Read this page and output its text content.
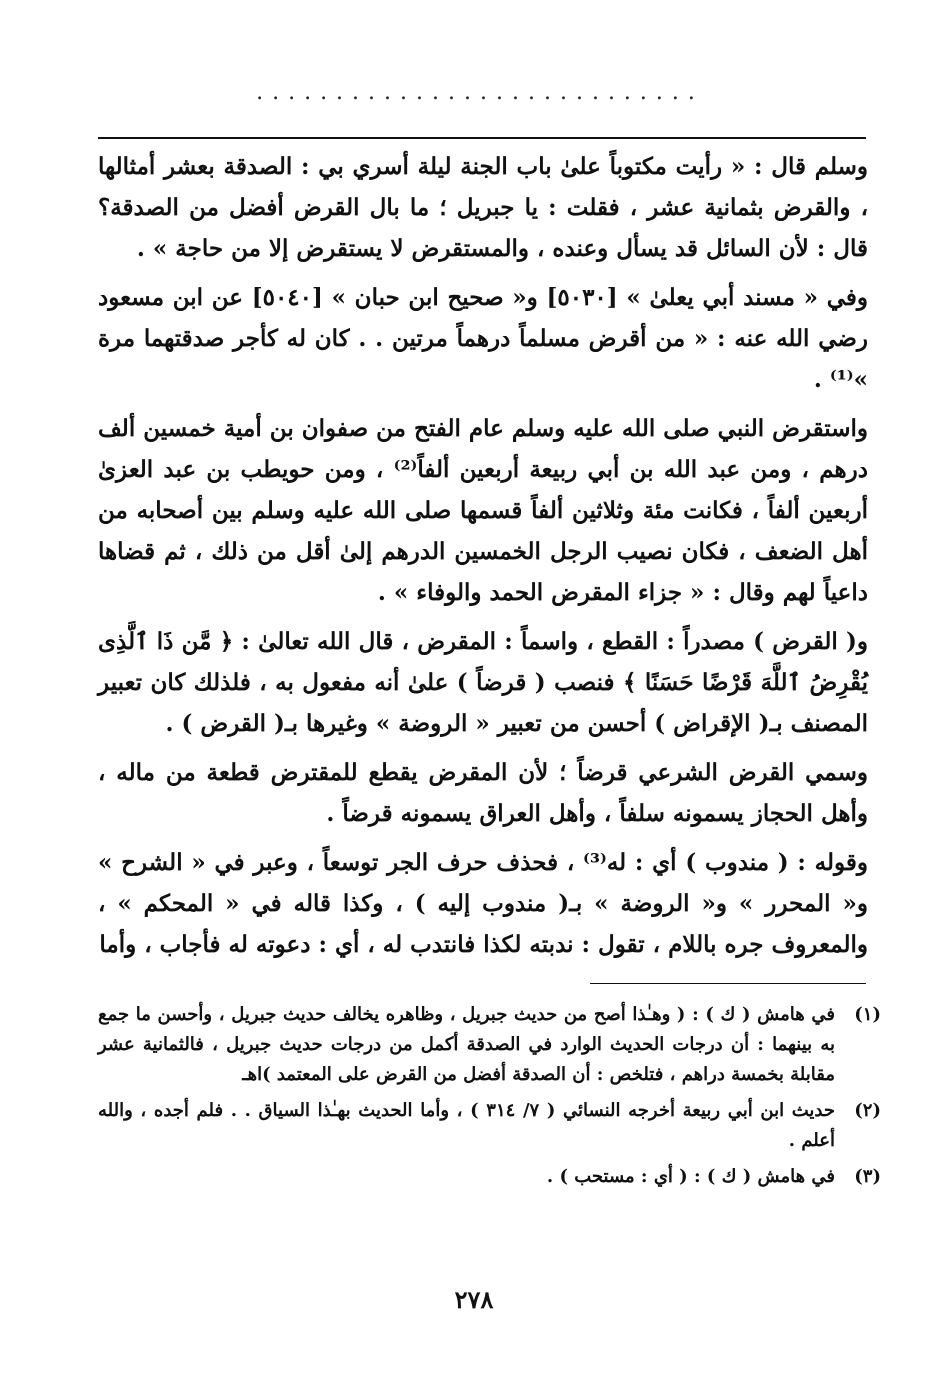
............................

وسلم قال : « رأيت مكتوباً علىٰ باب الجنة ليلة أسري بي : الصدقة بعشر أمثالها ، والقرض بثمانية عشر ، فقلت : يا جبريل ؛ ما بال القرض أفضل من الصدقة؟ قال : لأن السائل قد يسأل وعنده ، والمستقرض لا يستقرض إلا من حاجة » .

وفي « مسند أبي يعلىٰ » [٥٠٣٠] و« صحيح ابن حبان » [٥٠٤٠] عن ابن مسعود رضي الله عنه : « من أقرض مسلماً درهماً مرتين . . كان له كأجر صدقتهما مرة »⁽¹⁾ .

واستقرض النبي صلى الله عليه وسلم عام الفتح من صفوان بن أمية خمسين ألف درهم ، ومن عبد الله بن أبي ربيعة أربعين ألفاً⁽²⁾ ، ومن حويطب بن عبد العزىٰ أربعين ألفاً ، فكانت مئة وثلاثين ألفاً قسمها صلى الله عليه وسلم بين أصحابه من أهل الضعف ، فكان نصيب الرجل الخمسين الدرهم إلىٰ أقل من ذلك ، ثم قضاها داعياً لهم وقال : « جزاء المقرض الحمد والوفاء » .

و( القرض ) مصدراً : القطع ، واسماً : المقرض ، قال الله تعالىٰ : ﴿ مَّن ذَا ٱلَّذِى يُقْرِضُ ٱللَّهَ قَرْضًا حَسَنًا ﴾ فنصب ( قرضاً ) علىٰ أنه مفعول به ، فلذلك كان تعبير المصنف بـ( الإقراض ) أحسن من تعبير « الروضة » وغيرها بـ( القرض ) .

وسمي القرض الشرعي قرضاً ؛ لأن المقرض يقطع للمقترض قطعة من ماله ، وأهل الحجاز يسمونه سلفاً ، وأهل العراق يسمونه قرضاً .

وقوله : ( مندوب ) أي : له⁽³⁾ ، فحذف حرف الجر توسعاً ، وعبر في « الشرح » و« المحرر » و« الروضة » بـ( مندوب إليه ) ، وكذا قاله في « المحكم » ، والمعروف جره باللام ، تقول : ندبته لكذا فانتدب له ، أي : دعوته له فأجاب ، وأما

(١)
في هامش ( ك ) : ( وهـٰذا أصح من حديث جبريل ، وظاهره يخالف حديث جبريل ، وأحسن ما جمع به بينهما : أن درجات الحديث الوارد في الصدقة أكمل من درجات حديث جبريل ، فالثمانية عشر مقابلة بخمسة دراهم ، فتلخص : أن الصدقة أفضل من القرض على المعتمد )اهـ
(٢)
حديث ابن أبي ربيعة أخرجه النسائي ( ٧/ ٣١٤ ) ، وأما الحديث بهـٰذا السياق . . فلم أجده ، والله أعلم .
(٣)
في هامش ( ك ) : ( أي : مستحب ) .
٢٧٨
